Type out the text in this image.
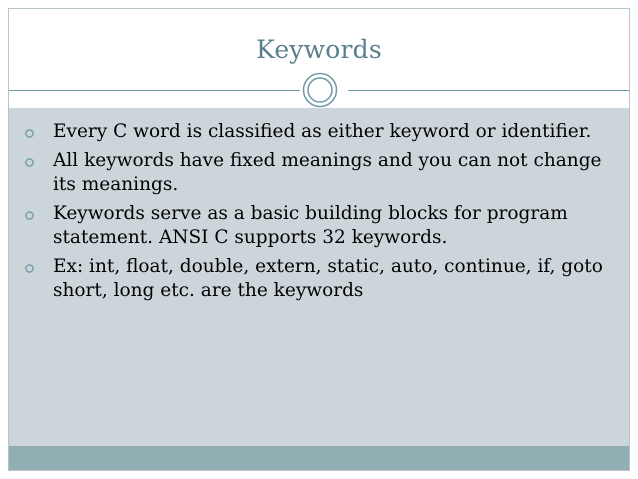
Keywords
Every C word is classified as either keyword or identifier.
All keywords have fixed meanings and you can not change its meanings.
Keywords serve as a basic building blocks for program statement. ANSI C supports 32 keywords.
Ex: int, float, double, extern, static, auto, continue, if, goto short, long etc. are the keywords
